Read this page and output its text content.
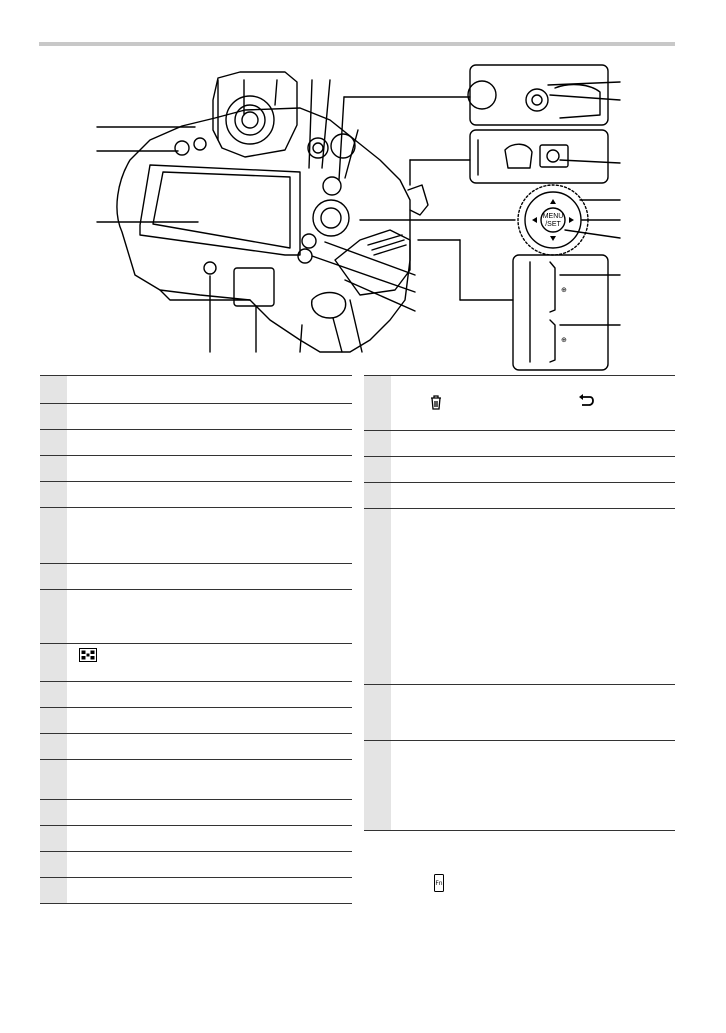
MENU
/SET
⊕
⊕

Fn
